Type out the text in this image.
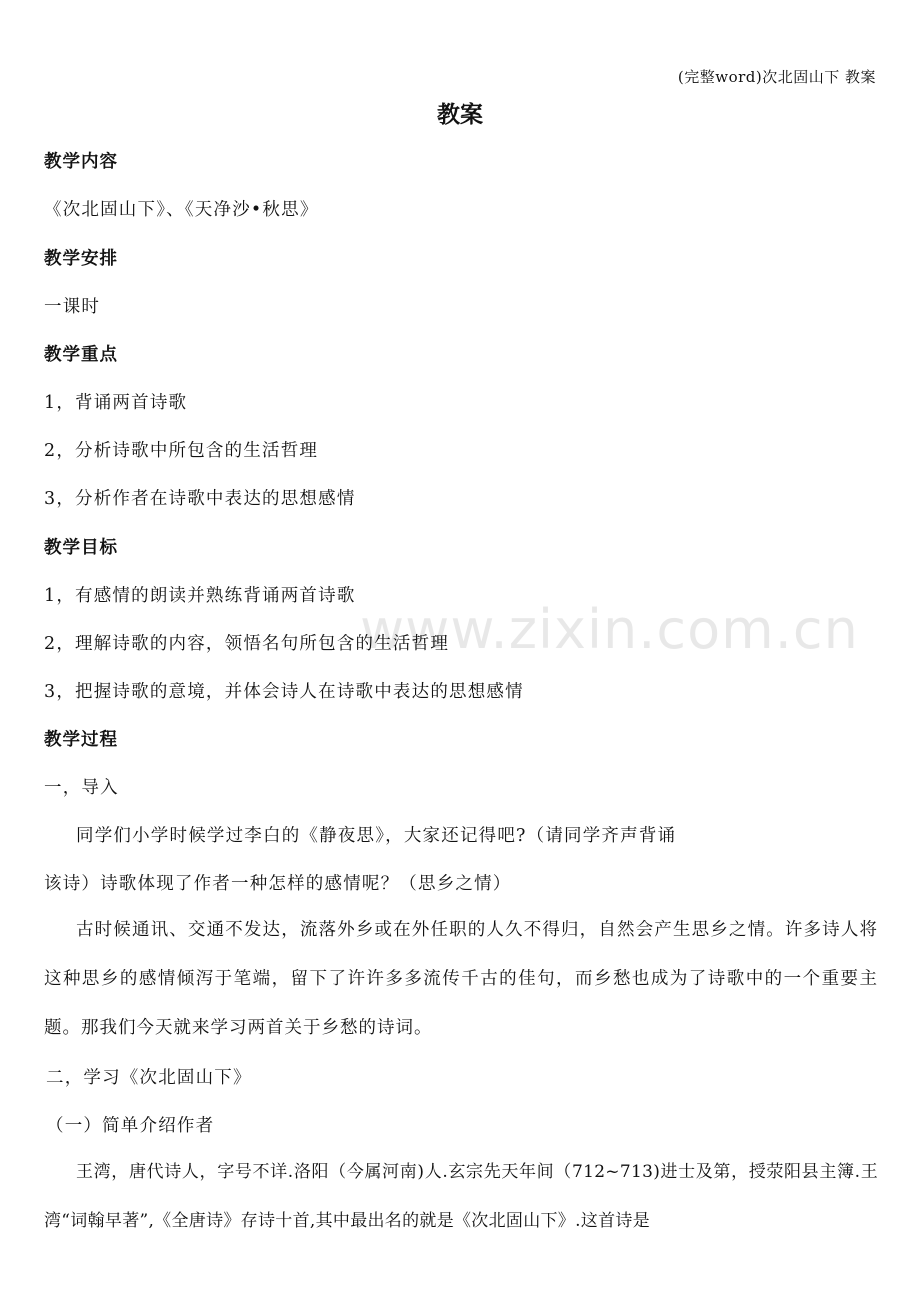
(完整word)次北固山下 教案
教案
www.zixin.com.cn
教学内容
《次北固山下》、《天净沙•秋思》
教学安排
一课时
教学重点
1，背诵两首诗歌
2，分析诗歌中所包含的生活哲理
3，分析作者在诗歌中表达的思想感情
教学目标
1，有感情的朗读并熟练背诵两首诗歌
2，理解诗歌的内容，领悟名句所包含的生活哲理
3，把握诗歌的意境，并体会诗人在诗歌中表达的思想感情
教学过程
一，导入
同学们小学时候学过李白的《静夜思》，大家还记得吧?（请同学齐声背诵
该诗）诗歌体现了作者一种怎样的感情呢？（思乡之情）
古时候通讯、交通不发达，流落外乡或在外任职的人久不得归，自然会产生思乡之情。许多诗人将这种思乡的感情倾泻于笔端，留下了许许多多流传千古的佳句，而乡愁也成为了诗歌中的一个重要主题。那我们今天就来学习两首关于乡愁的诗词。
二，学习《次北固山下》
（一）简单介绍作者
王湾，唐代诗人，字号不详.洛阳（今属河南)人.玄宗先天年间（712~713)进士及第，授荥阳县主簿.王湾“词翰早著”,《全唐诗》存诗十首,其中最出名的就是《次北固山下》.这首诗是
